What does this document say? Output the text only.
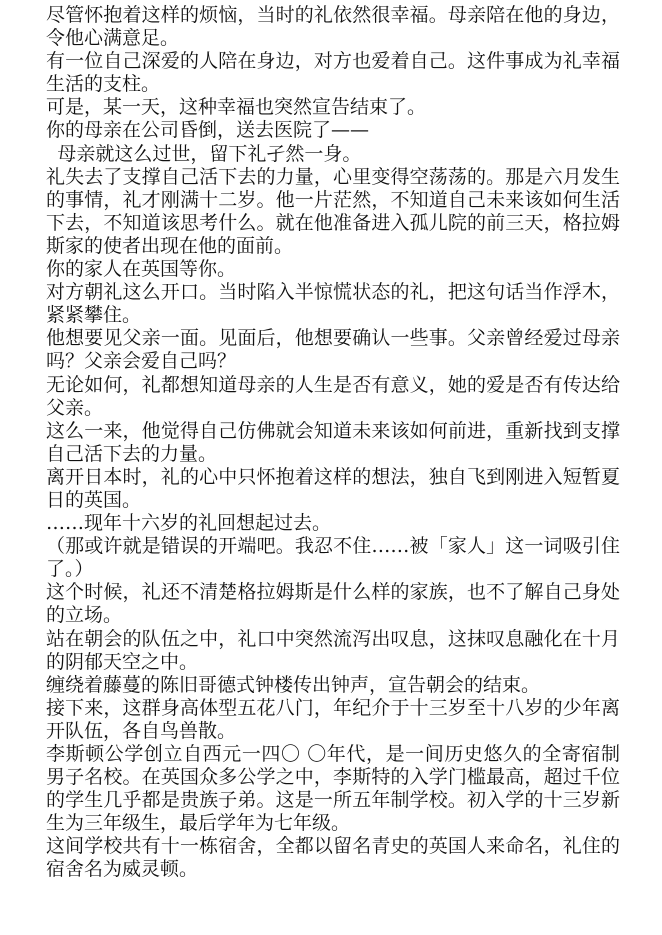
尽管怀抱着这样的烦恼，当时的礼依然很幸福。母亲陪在他的身边，令他心满意足。

有一位自己深爱的人陪在身边，对方也爱着自己。这件事成为礼幸福生活的支柱。

可是，某一天，这种幸福也突然宣告结束了。

你的母亲在公司昏倒，送去医院了——

母亲就这么过世，留下礼孑然一身。

礼失去了支撑自己活下去的力量，心里变得空荡荡的。那是六月发生的事情，礼才刚满十二岁。他一片茫然，不知道自己未来该如何生活下去，不知道该思考什么。就在他准备进入孤儿院的前三天，格拉姆斯家的使者出现在他的面前。

你的家人在英国等你。

对方朝礼这么开口。当时陷入半惊慌状态的礼，把这句话当作浮木，紧紧攀住。

他想要见父亲一面。见面后，他想要确认一些事。父亲曾经爱过母亲吗？父亲会爱自己吗？

无论如何，礼都想知道母亲的人生是否有意义，她的爱是否有传达给父亲。

这么一来，他觉得自己仿佛就会知道未来该如何前进，重新找到支撑自己活下去的力量。

离开日本时，礼的心中只怀抱着这样的想法，独自飞到刚进入短暂夏日的英国。

……现年十六岁的礼回想起过去。

（那或许就是错误的开端吧。我忍不住……被「家人」这一词吸引住了。）

这个时候，礼还不清楚格拉姆斯是什么样的家族，也不了解自己身处的立场。

站在朝会的队伍之中，礼口中突然流泻出叹息，这抹叹息融化在十月的阴郁天空之中。

缠绕着藤蔓的陈旧哥德式钟楼传出钟声，宣告朝会的结束。

接下来，这群身高体型五花八门，年纪介于十三岁至十八岁的少年离开队伍，各自鸟兽散。

李斯顿公学创立自西元一四〇 〇年代，是一间历史悠久的全寄宿制男子名校。在英国众多公学之中，李斯特的入学门槛最高，超过千位的学生几乎都是贵族子弟。这是一所五年制学校。初入学的十三岁新生为三年级生，最后学年为七年级。

这间学校共有十一栋宿舍，全都以留名青史的英国人来命名，礼住的宿舍名为威灵顿。
